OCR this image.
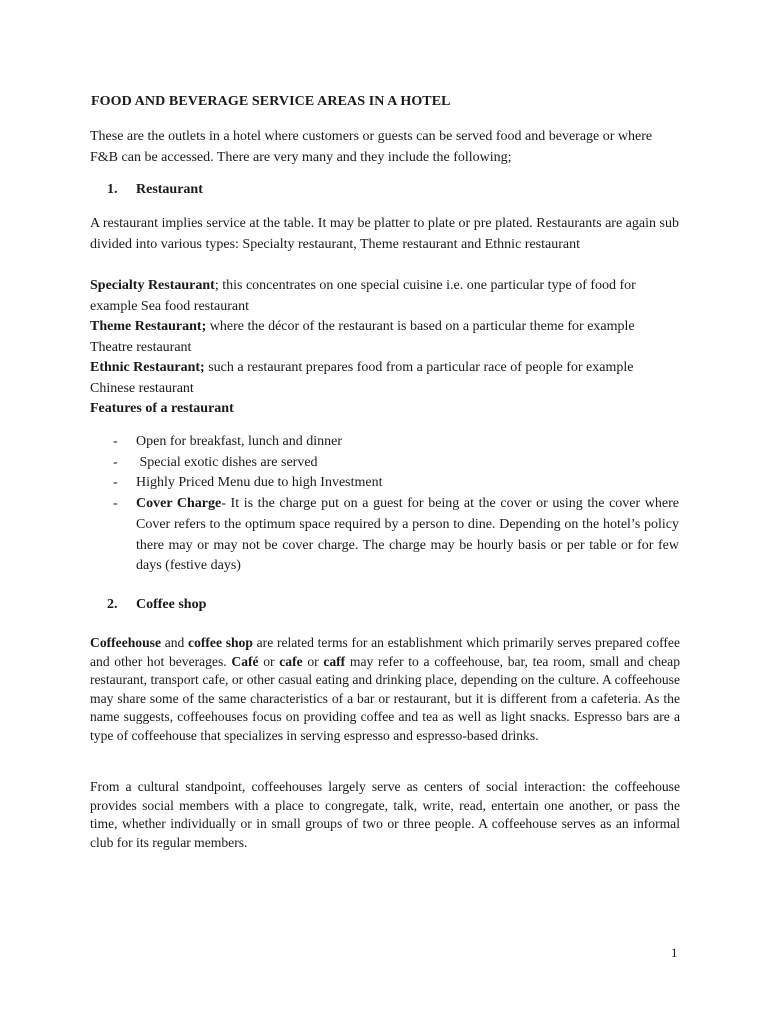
FOOD AND BEVERAGE SERVICE AREAS IN A HOTEL
These are the outlets in a hotel where customers or guests can be served food and beverage or where F&B can be accessed. There are very many and they include the following;
1. Restaurant
A restaurant implies service at the table. It may be platter to plate or pre plated. Restaurants are again sub divided into various types: Specialty restaurant, Theme restaurant and Ethnic restaurant
Specialty Restaurant; this concentrates on one special cuisine i.e. one particular type of food for example Sea food restaurant
Theme Restaurant; where the décor of the restaurant is based on a particular theme for example Theatre restaurant
Ethnic Restaurant; such a restaurant prepares food from a particular race of people for example Chinese restaurant
Features of a restaurant
- Open for breakfast, lunch and dinner
- Special exotic dishes are served
- Highly Priced Menu due to high Investment
- Cover Charge- It is the charge put on a guest for being at the cover or using the cover where Cover refers to the optimum space required by a person to dine. Depending on the hotel’s policy there may or may not be cover charge. The charge may be hourly basis or per table or for few days (festive days)
2. Coffee shop
Coffeehouse and coffee shop are related terms for an establishment which primarily serves prepared coffee and other hot beverages. Café or cafe or caff may refer to a coffeehouse, bar, tea room, small and cheap restaurant, transport cafe, or other casual eating and drinking place, depending on the culture. A coffeehouse may share some of the same characteristics of a bar or restaurant, but it is different from a cafeteria. As the name suggests, coffeehouses focus on providing coffee and tea as well as light snacks. Espresso bars are a type of coffeehouse that specializes in serving espresso and espresso-based drinks.
From a cultural standpoint, coffeehouses largely serve as centers of social interaction: the coffeehouse provides social members with a place to congregate, talk, write, read, entertain one another, or pass the time, whether individually or in small groups of two or three people. A coffeehouse serves as an informal club for its regular members.
1
